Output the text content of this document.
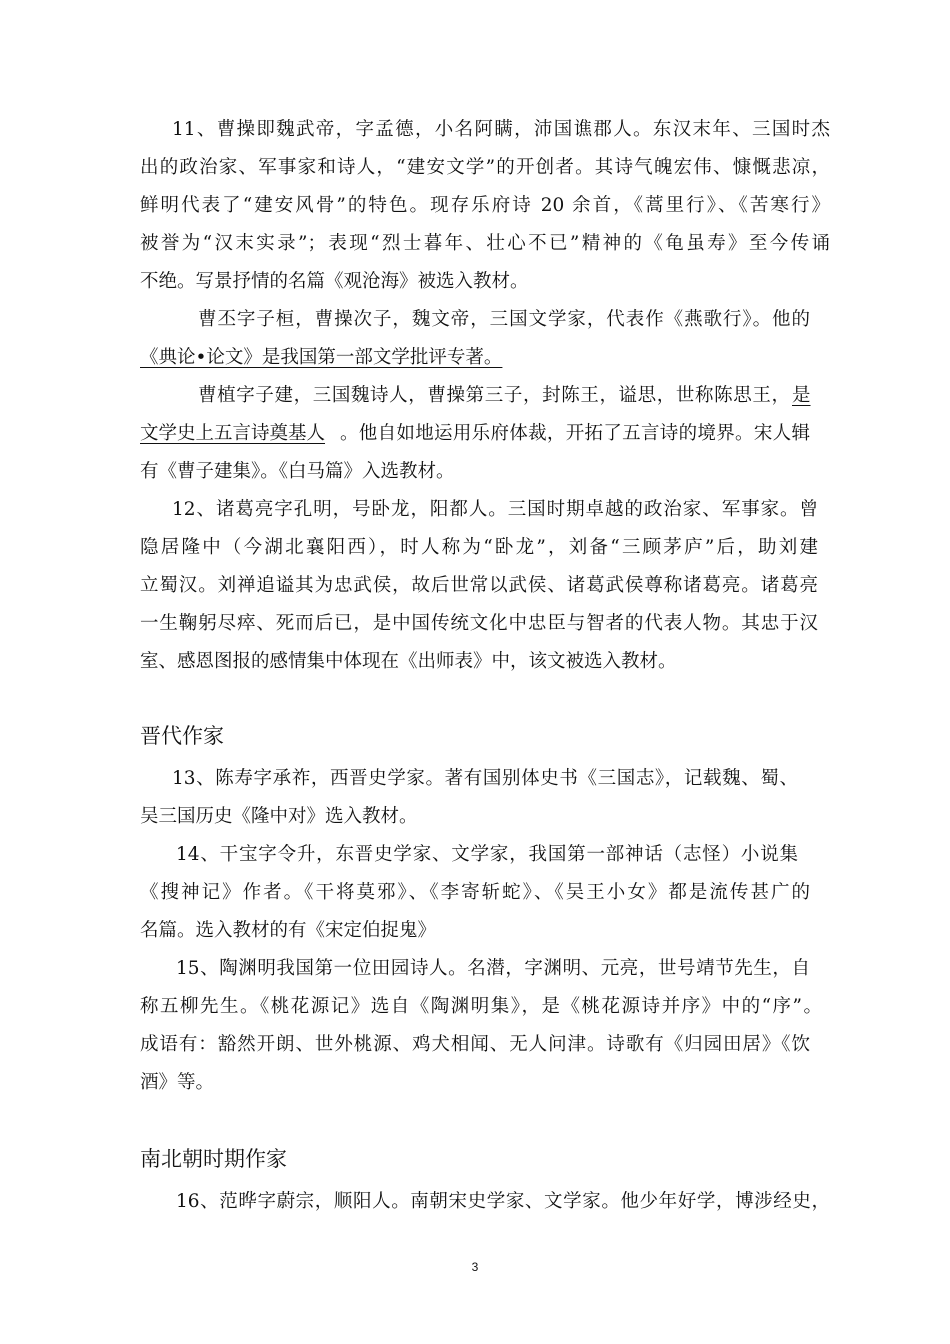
11、曹操即魏武帝，字孟德，小名阿瞒，沛国谯郡人。东汉末年、三国时杰

出的政治家、军事家和诗人，“建安文学”的开创者。其诗气魄宏伟、慷慨悲凉，

鲜明代表了“建安风骨”的特色。现存乐府诗 20 余首，《蒿里行》、《苦寒行》

被誉为“汉末实录”；表现“烈士暮年、壮心不已”精神的《龟虽寿》至今传诵

不绝。写景抒情的名篇《观沧海》被选入教材。

曹丕字子桓，曹操次子，魏文帝，三国文学家，代表作《燕歌行》。他的

《典论•论文》是我国第一部文学批评专著。

曹植字子建，三国魏诗人，曹操第三子，封陈王，谥思，世称陈思王， 是

文学史上五言诗奠基人 。他自如地运用乐府体裁，开拓了五言诗的境界。宋人辑

有《曹子建集》。《白马篇》入选教材。

12、诸葛亮字孔明，号卧龙，阳都人。三国时期卓越的政治家、军事家。曾

隐居隆中（今湖北襄阳西），时人称为“卧龙”，刘备“三顾茅庐”后，助刘建

立蜀汉。刘禅追谥其为忠武侯，故后世常以武侯、诸葛武侯尊称诸葛亮。诸葛亮

一生鞠躬尽瘁、死而后已，是中国传统文化中忠臣与智者的代表人物。其忠于汉

室、感恩图报的感情集中体现在《出师表》中，该文被选入教材。

晋代作家

13、陈寿字承祚，西晋史学家。著有国别体史书《三国志》，记载魏、蜀、

吴三国历史《隆中对》选入教材。

14、干宝字令升，东晋史学家、文学家，我国第一部神话（志怪）小说集

《搜神记》作者。《干将莫邪》、《李寄斩蛇》、《吴王小女》都是流传甚广的

名篇。选入教材的有《宋定伯捉鬼》

15、陶渊明我国第一位田园诗人。名潜，字渊明、元亮，世号靖节先生，自

称五柳先生。《桃花源记》选自《陶渊明集》，是《桃花源诗并序》中的“序”。

成语有：豁然开朗、世外桃源、鸡犬相闻、无人问津。诗歌有《归园田居》《饮

酒》等。

南北朝时期作家

16、范晔字蔚宗，顺阳人。南朝宋史学家、文学家。他少年好学，博涉经史，

3
